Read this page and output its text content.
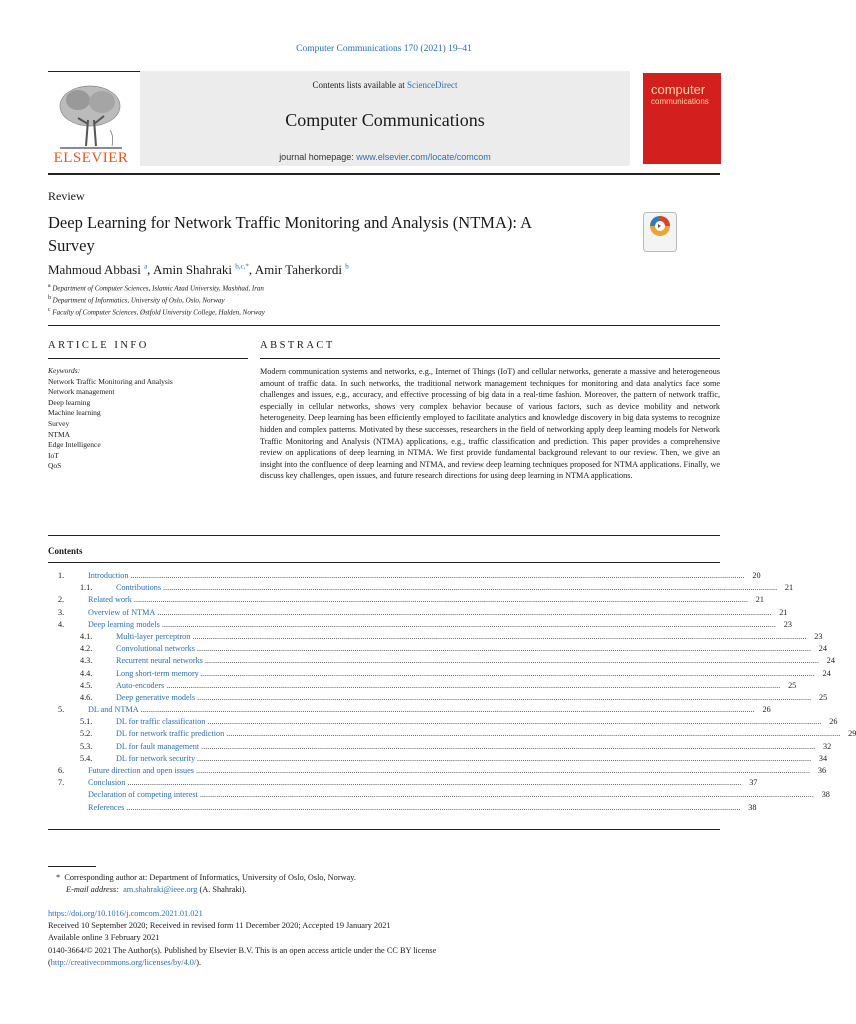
Computer Communications 170 (2021) 19–41
Contents lists available at ScienceDirect
Computer Communications
journal homepage: www.elsevier.com/locate/comcom
ELSEVIER
computer
communications
Review
Deep Learning for Network Traffic Monitoring and Analysis (NTMA): A
Survey
Mahmoud Abbasi $^a$, Amin Shahraki $^{b,c,*}$, Amir Taherkordi $^b$
$^a$ Department of Computer Sciences, Islamic Azad University, Mashhad, Iran
$^b$ Department of Informatics, University of Oslo, Oslo, Norway
$^c$ Faculty of Computer Sciences, Østfold University College, Halden, Norway
ARTICLE INFO	ABSTRACT
Keywords:
Network Traffic Monitoring and Analysis
Network management
Deep learning
Machine learning
Survey
NTMA
Edge Intelligence
IoT
QoS
Modern communication systems and networks, e.g., Internet of Things (IoT) and cellular networks, generate a massive and heterogeneous amount of traffic data. In such networks, the traditional network management techniques for monitoring and data analytics face some challenges and issues, e.g., accuracy, and effective processing of big data in a real-time fashion. Moreover, the pattern of network traffic, especially in cellular networks, shows very complex behavior because of various factors, such as device mobility and network heterogeneity. Deep learning has been efficiently employed to facilitate analytics and knowledge discovery in big data systems to recognize hidden and complex patterns. Motivated by these successes, researchers in the field of networking apply deep learning models for Network Traffic Monitoring and Analysis (NTMA) applications, e.g., traffic classification and prediction. This paper provides a comprehensive review on applications of deep learning in NTMA. We first provide fundamental background relevant to our review. Then, we give an insight into the confluence of deep learning and NTMA, and review deep learning techniques proposed for NTMA applications. Finally, we discuss key challenges, open issues, and future research directions for using deep learning in NTMA applications.
Contents
1.	Introduction ............................................................................................................................................................................................................................................................................................................ 20
1.1.	Contributions ............................................................................................................................................................................................................................................................................................................ 21
2.	Related work ............................................................................................................................................................................................................................................................................................................ 21
3.	Overview of NTMA ............................................................................................................................................................................................................................................................................................................ 21
4.	Deep learning models ............................................................................................................................................................................................................................................................................................................ 23
4.1.	Multi-layer perceptron ............................................................................................................................................................................................................................................................................................................ 23
4.2.	Convolutional networks ............................................................................................................................................................................................................................................................................................................ 24
4.3.	Recurrent neural networks ............................................................................................................................................................................................................................................................................................................ 24
4.4.	Long short-term memory ............................................................................................................................................................................................................................................................................................................ 24
4.5.	Auto-encoders ............................................................................................................................................................................................................................................................................................................ 25
4.6.	Deep generative models ............................................................................................................................................................................................................................................................................................................ 25
5.	DL and NTMA ............................................................................................................................................................................................................................................................................................................ 26
5.1.	DL for traffic classification ............................................................................................................................................................................................................................................................................................................ 26
5.2.	DL for network traffic prediction ............................................................................................................................................................................................................................................................................................................ 29
5.3.	DL for fault management ............................................................................................................................................................................................................................................................................................................ 32
5.4.	DL for network security ............................................................................................................................................................................................................................................................................................................ 34
6.	Future direction and open issues ............................................................................................................................................................................................................................................................................................................ 36
7.	Conclusion ............................................................................................................................................................................................................................................................................................................ 37
Declaration of competing interest ............................................................................................................................................................................................................................................................................................................ 38
References ............................................................................................................................................................................................................................................................................................................ 38
* Corresponding author at: Department of Informatics, University of Oslo, Oslo, Norway.
E-mail address: am.shahraki@ieee.org (A. Shahraki).
https://doi.org/10.1016/j.comcom.2021.01.021
Received 10 September 2020; Received in revised form 11 December 2020; Accepted 19 January 2021
Available online 3 February 2021
0140-3664/© 2021 The Author(s). Published by Elsevier B.V. This is an open access article under the CC BY license
(http://creativecommons.org/licenses/by/4.0/).
